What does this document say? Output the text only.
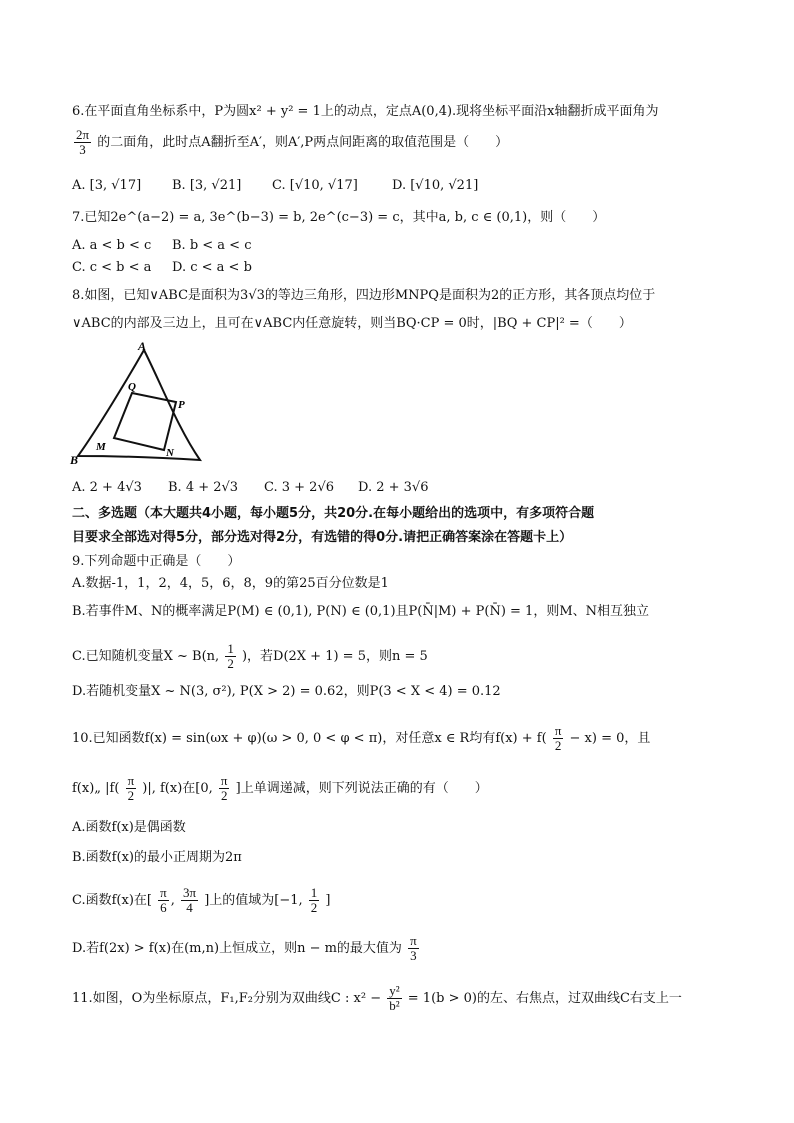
6.在平面直角坐标系中，P为圆x² + y² = 1上的动点，定点A(0,4).现将坐标平面沿x轴翻折成平面角为
$\frac{2\pi}{3}$ 的二面角，此时点A翻折至A′，则A′,P两点间距离的取值范围是（　　）
A. [3, √17] B. [3, √21] C. [√10, √17]	D. [√10, √21]
7.已知2e^(a−2) = a, 3e^(b−3) = b, 2e^(c−3) = c，其中a, b, c ∈ (0,1)，则（　　）
A. a < b < c B. b < a < c
C. c < b < a D. c < a < b
8.如图，已知∨ABC是面积为3√3的等边三角形，四边形MNPQ是面积为2的正方形，其各顶点均位于
∨ABC的内部及三边上，且可在∨ABC内任意旋转，则当BQ·CP = 0时，|BQ + CP|² =（　　）
A
B
Q
P
M	N
A. 2 + 4√3 B. 4 + 2√3 C. 3 + 2√6 D. 2 + 3√6
二、多选题（本大题共4小题，每小题5分，共20分.在每小题给出的选项中，有多项符合题
目要求全部选对得5分，部分选对得2分，有选错的得0分.请把正确答案涂在答题卡上）
9.下列命题中正确是（　　）
A.数据-1，1，2，4，5，6，8，9的第25百分位数是1
B.若事件M、N的概率满足P(M) ∈ (0,1), P(N) ∈ (0,1)且P(N̄|M) + P(N̄) = 1，则M、N相互独立
C.已知随机变量X ~ B(n, $\frac{1}{2}$ )，若D(2X + 1) = 5，则n = 5
D.若随机变量X ~ N(3, σ²), P(X > 2) = 0.62，则P(3 < X < 4) = 0.12
10.已知函数f(x) = sin(ωx + φ)(ω > 0, 0 < φ < π)，对任意x ∈ R均有$f(x) + f( \frac{\pi}{2} - x) = 0$，且
f(x)„ $|f( \frac{\pi}{2}$ )|, f(x)在[0, $\frac{\pi}{2}$ ]上单调递减，则下列说法正确的有（　　）
A.函数f(x)是偶函数
B.函数f(x)的最小正周期为2π
C.函数f(x)在[ $\frac{\pi}{6}$ , $\frac{3\pi}{4}$ ]上的值域为[−1, $\frac{1}{2}$ ]
D.若f(2x) > f(x)在(m,n)上恒成立，则n − m的最大值为 $\frac{\pi}{3}$
11.如图，O为坐标原点，F₁,F₂分别为双曲线C : $x^2 - \frac{\text{y²}}{\text{b²}} = 1(b > 0)$的左、右焦点，过双曲线C右支上一
